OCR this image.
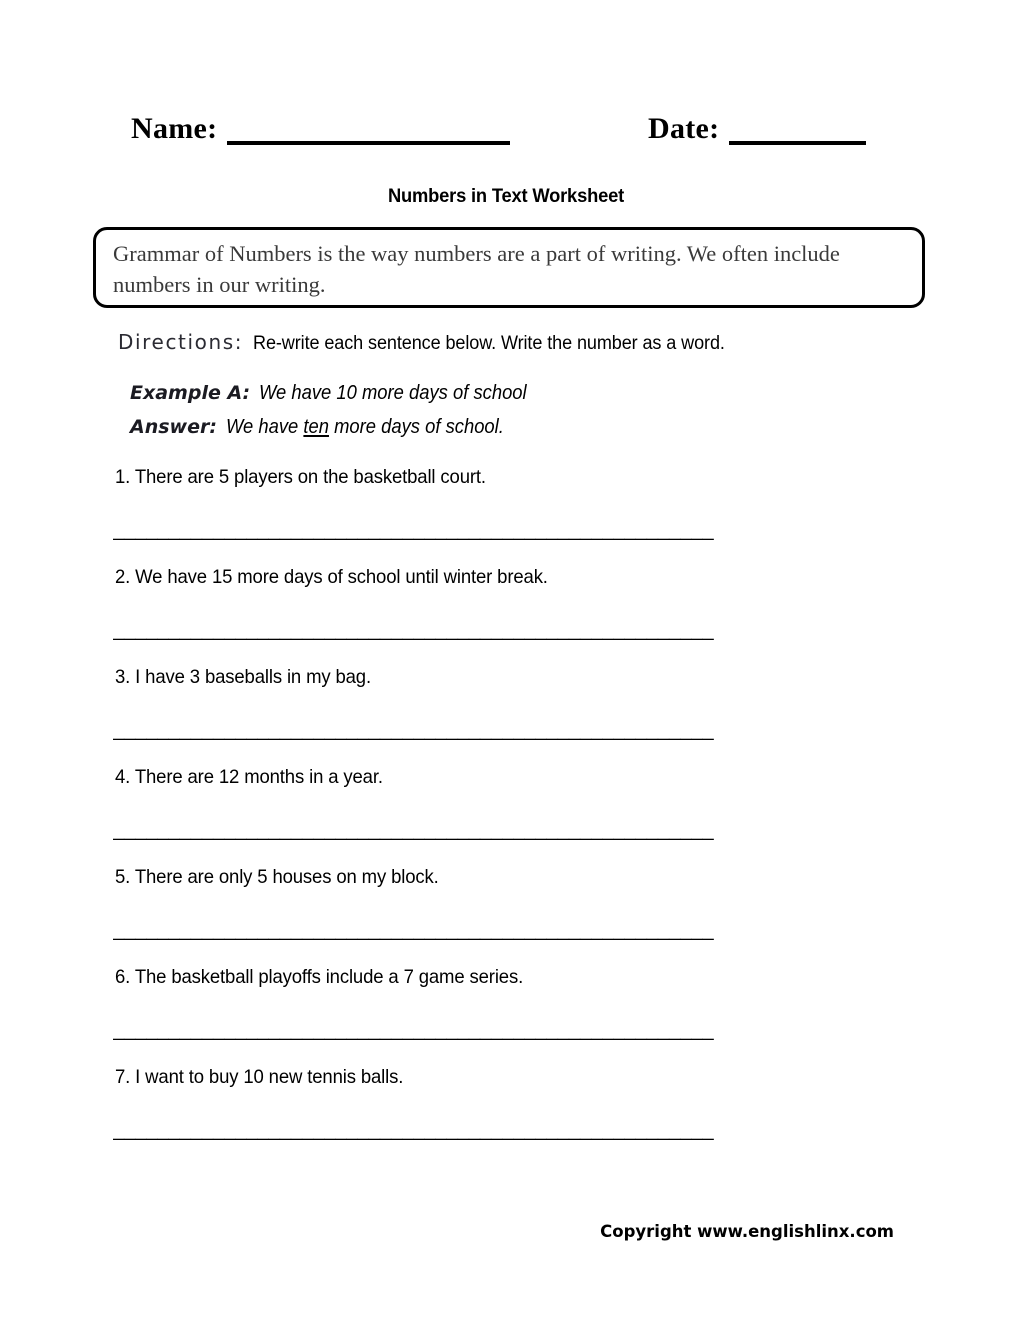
Name:	Date:
Numbers in Text Worksheet
Grammar of Numbers is the way numbers are a part of writing. We often include numbers in our writing.
Directions: Re-write each sentence below. Write the number as a word.
Example A: We have 10 more days of school
Answer: We have ten more days of school.
1. There are 5 players on the basketball court.
______________________________________________________
2. We have 15 more days of school until winter break.
______________________________________________________
3. I have 3 baseballs in my bag.
______________________________________________________
4. There are 12 months in a year.
______________________________________________________
5. There are only 5 houses on my block.
______________________________________________________
6. The basketball playoffs include a 7 game series.
______________________________________________________
7. I want to buy 10 new tennis balls.
______________________________________________________
Copyright www.englishlinx.com
